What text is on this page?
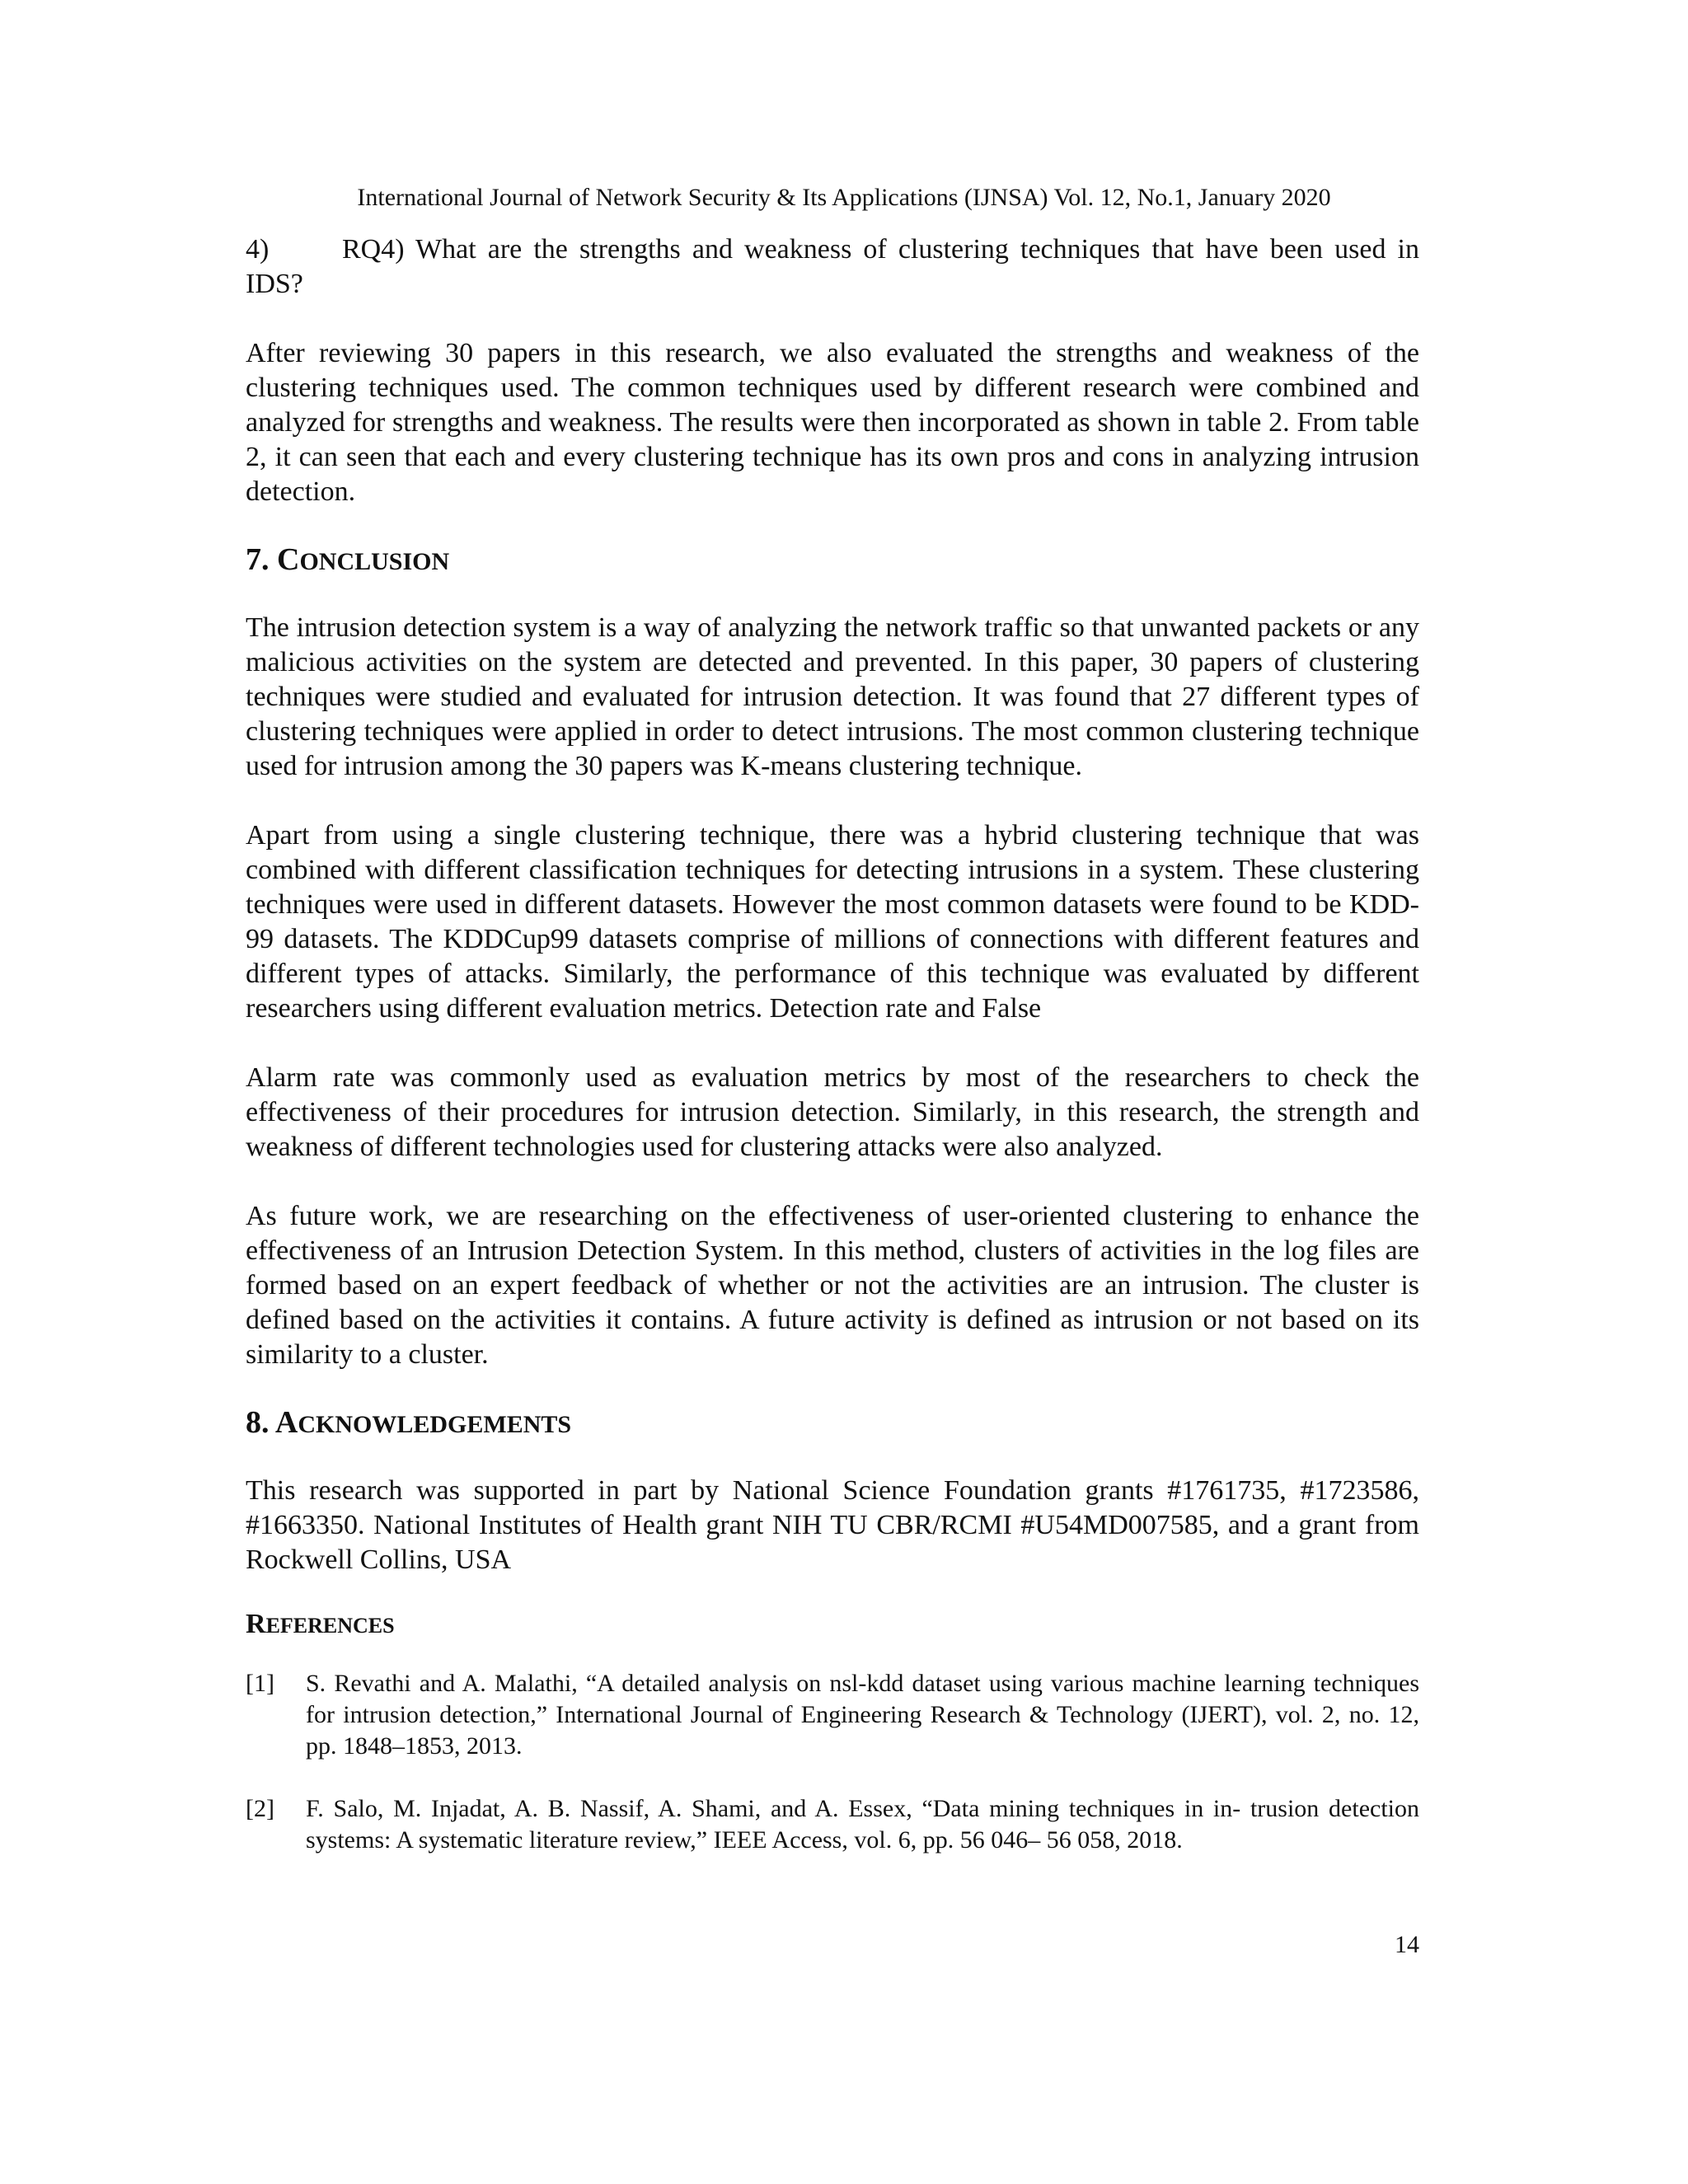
International Journal of Network Security & Its Applications (IJNSA) Vol. 12, No.1, January 2020

4)	RQ4) What are the strengths and weakness of clustering techniques that have been used in IDS?

After reviewing 30 papers in this research, we also evaluated the strengths and weakness of the clustering techniques used. The common techniques used by different research were combined and analyzed for strengths and weakness. The results were then incorporated as shown in table 2. From table 2, it can seen that each and every clustering technique has its own pros and cons in analyzing intrusion detection.

7. CONCLUSION

The intrusion detection system is a way of analyzing the network traffic so that unwanted packets or any malicious activities on the system are detected and prevented. In this paper, 30 papers of clustering techniques were studied and evaluated for intrusion detection. It was found that 27 different types of clustering techniques were applied in order to detect intrusions. The most common clustering technique used for intrusion among the 30 papers was K-means clustering technique.

Apart from using a single clustering technique, there was a hybrid clustering technique that was combined with different classification techniques for detecting intrusions in a system. These clustering techniques were used in different datasets. However the most common datasets were found to be KDD-99 datasets. The KDDCup99 datasets comprise of millions of connections with different features and different types of attacks. Similarly, the performance of this technique was evaluated by different researchers using different evaluation metrics. Detection rate and False

Alarm rate was commonly used as evaluation metrics by most of the researchers to check the effectiveness of their procedures for intrusion detection. Similarly, in this research, the strength and weakness of different technologies used for clustering attacks were also analyzed.

As future work, we are researching on the effectiveness of user-oriented clustering to enhance the effectiveness of an Intrusion Detection System. In this method, clusters of activities in the log files are formed based on an expert feedback of whether or not the activities are an intrusion. The cluster is defined based on the activities it contains. A future activity is defined as intrusion or not based on its similarity to a cluster.

8. ACKNOWLEDGEMENTS

This research was supported in part by National Science Foundation grants #1761735, #1723586, #1663350. National Institutes of Health grant NIH TU CBR/RCMI #U54MD007585, and a grant from Rockwell Collins, USA

REFERENCES
[1]	S. Revathi and A. Malathi, “A detailed analysis on nsl-kdd dataset using various machine learning techniques for intrusion detection,” International Journal of Engineering Research & Technology (IJERT), vol. 2, no. 12, pp. 1848–1853, 2013.
[2]	F. Salo, M. Injadat, A. B. Nassif, A. Shami, and A. Essex, “Data mining techniques in in- trusion detection systems: A systematic literature review,” IEEE Access, vol. 6, pp. 56 046– 56 058, 2018.

14
